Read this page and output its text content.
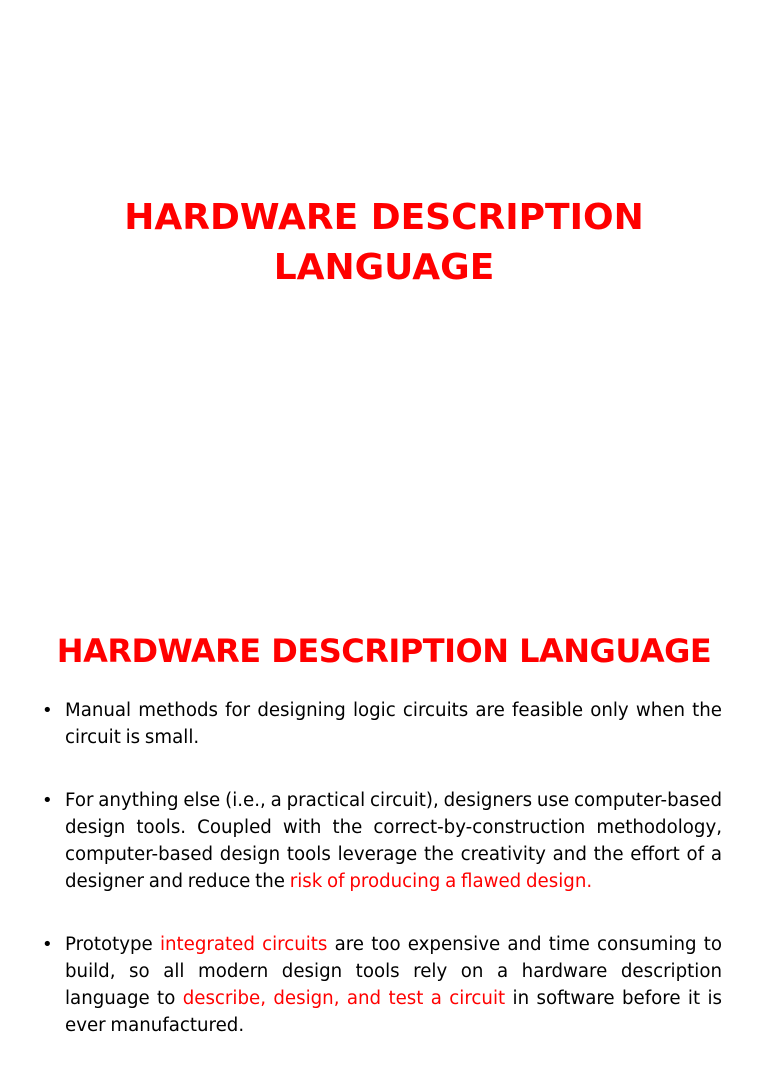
HARDWARE DESCRIPTION
LANGUAGE
HARDWARE DESCRIPTION LANGUAGE
• Manual methods for designing logic circuits are feasible only when the circuit is small.
• For anything else (i.e., a practical circuit), designers use computer-based design tools. Coupled with the correct-by-construction methodology, computer-based design tools leverage the creativity and the effort of a designer and reduce the risk of producing a flawed design.
• Prototype integrated circuits are too expensive and time consuming to build, so all modern design tools rely on a hardware description language to describe, design, and test a circuit in software before it is ever manufactured.
